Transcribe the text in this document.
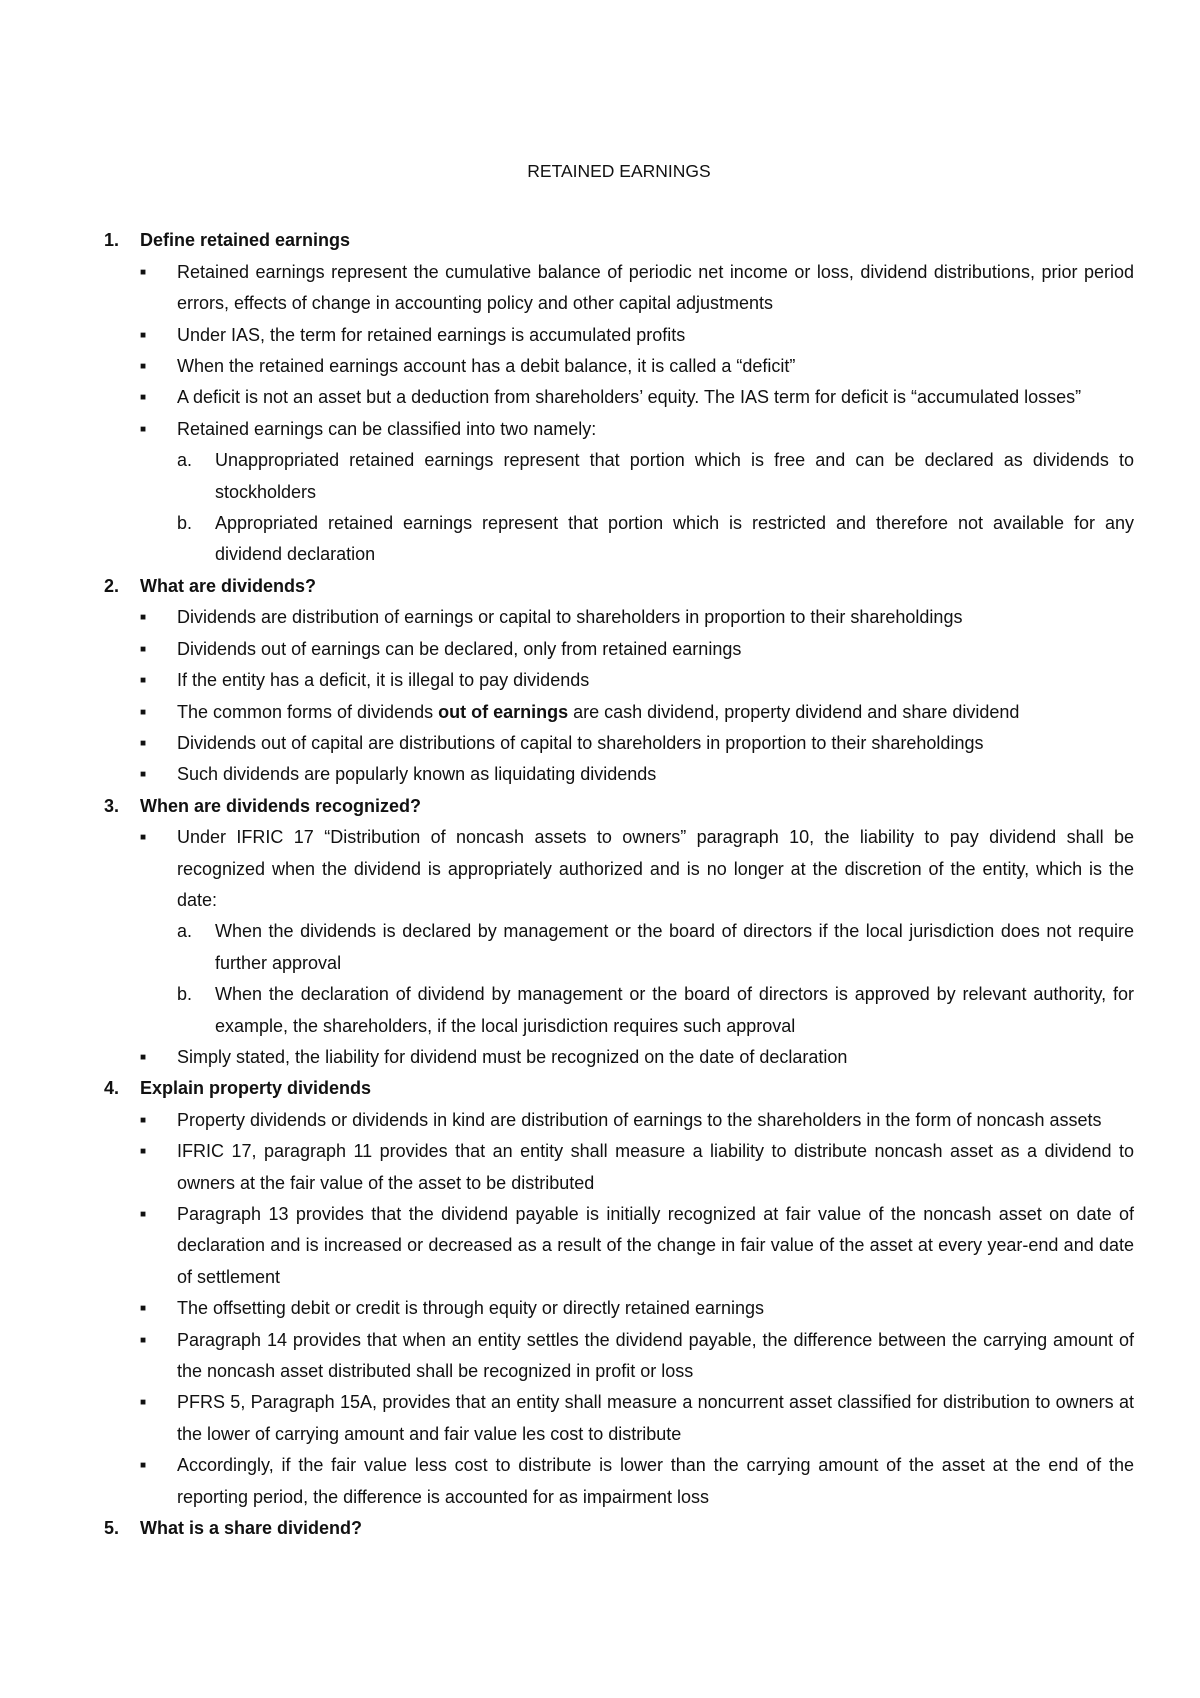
RETAINED EARNINGS
1.	Define retained earnings
■	Retained earnings represent the cumulative balance of periodic net income or loss, dividend distributions, prior period errors, effects of change in accounting policy and other capital adjustments
■	Under IAS, the term for retained earnings is accumulated profits
■	When the retained earnings account has a debit balance, it is called a “deficit”
■	A deficit is not an asset but a deduction from shareholders’ equity. The IAS term for deficit is “accumulated losses”
■	Retained earnings can be classified into two namely:
a.	Unappropriated retained earnings represent that portion which is free and can be declared as dividends to stockholders
b.	Appropriated retained earnings represent that portion which is restricted and therefore not available for any dividend declaration
2.	What are dividends?
■	Dividends are distribution of earnings or capital to shareholders in proportion to their shareholdings
■	Dividends out of earnings can be declared, only from retained earnings
■	If the entity has a deficit, it is illegal to pay dividends
■	The common forms of dividends out of earnings are cash dividend, property dividend and share dividend
■	Dividends out of capital are distributions of capital to shareholders in proportion to their shareholdings
■	Such dividends are popularly known as liquidating dividends
3.	When are dividends recognized?
■	Under IFRIC 17 “Distribution of noncash assets to owners” paragraph 10, the liability to pay dividend shall be recognized when the dividend is appropriately authorized and is no longer at the discretion of the entity, which is the date:
a.	When the dividends is declared by management or the board of directors if the local jurisdiction does not require further approval
b.	When the declaration of dividend by management or the board of directors is approved by relevant authority, for example, the shareholders, if the local jurisdiction requires such approval
■	Simply stated, the liability for dividend must be recognized on the date of declaration
4.	Explain property dividends
■	Property dividends or dividends in kind are distribution of earnings to the shareholders in the form of noncash assets
■	IFRIC 17, paragraph 11 provides that an entity shall measure a liability to distribute noncash asset as a dividend to owners at the fair value of the asset to be distributed
■	Paragraph 13 provides that the dividend payable is initially recognized at fair value of the noncash asset on date of declaration and is increased or decreased as a result of the change in fair value of the asset at every year-end and date of settlement
■	The offsetting debit or credit is through equity or directly retained earnings
■	Paragraph 14 provides that when an entity settles the dividend payable, the difference between the carrying amount of the noncash asset distributed shall be recognized in profit or loss
■	PFRS 5, Paragraph 15A, provides that an entity shall measure a noncurrent asset classified for distribution to owners at the lower of carrying amount and fair value les cost to distribute
■	Accordingly, if the fair value less cost to distribute is lower than the carrying amount of the asset at the end of the reporting period, the difference is accounted for as impairment loss
5.	What is a share dividend?
